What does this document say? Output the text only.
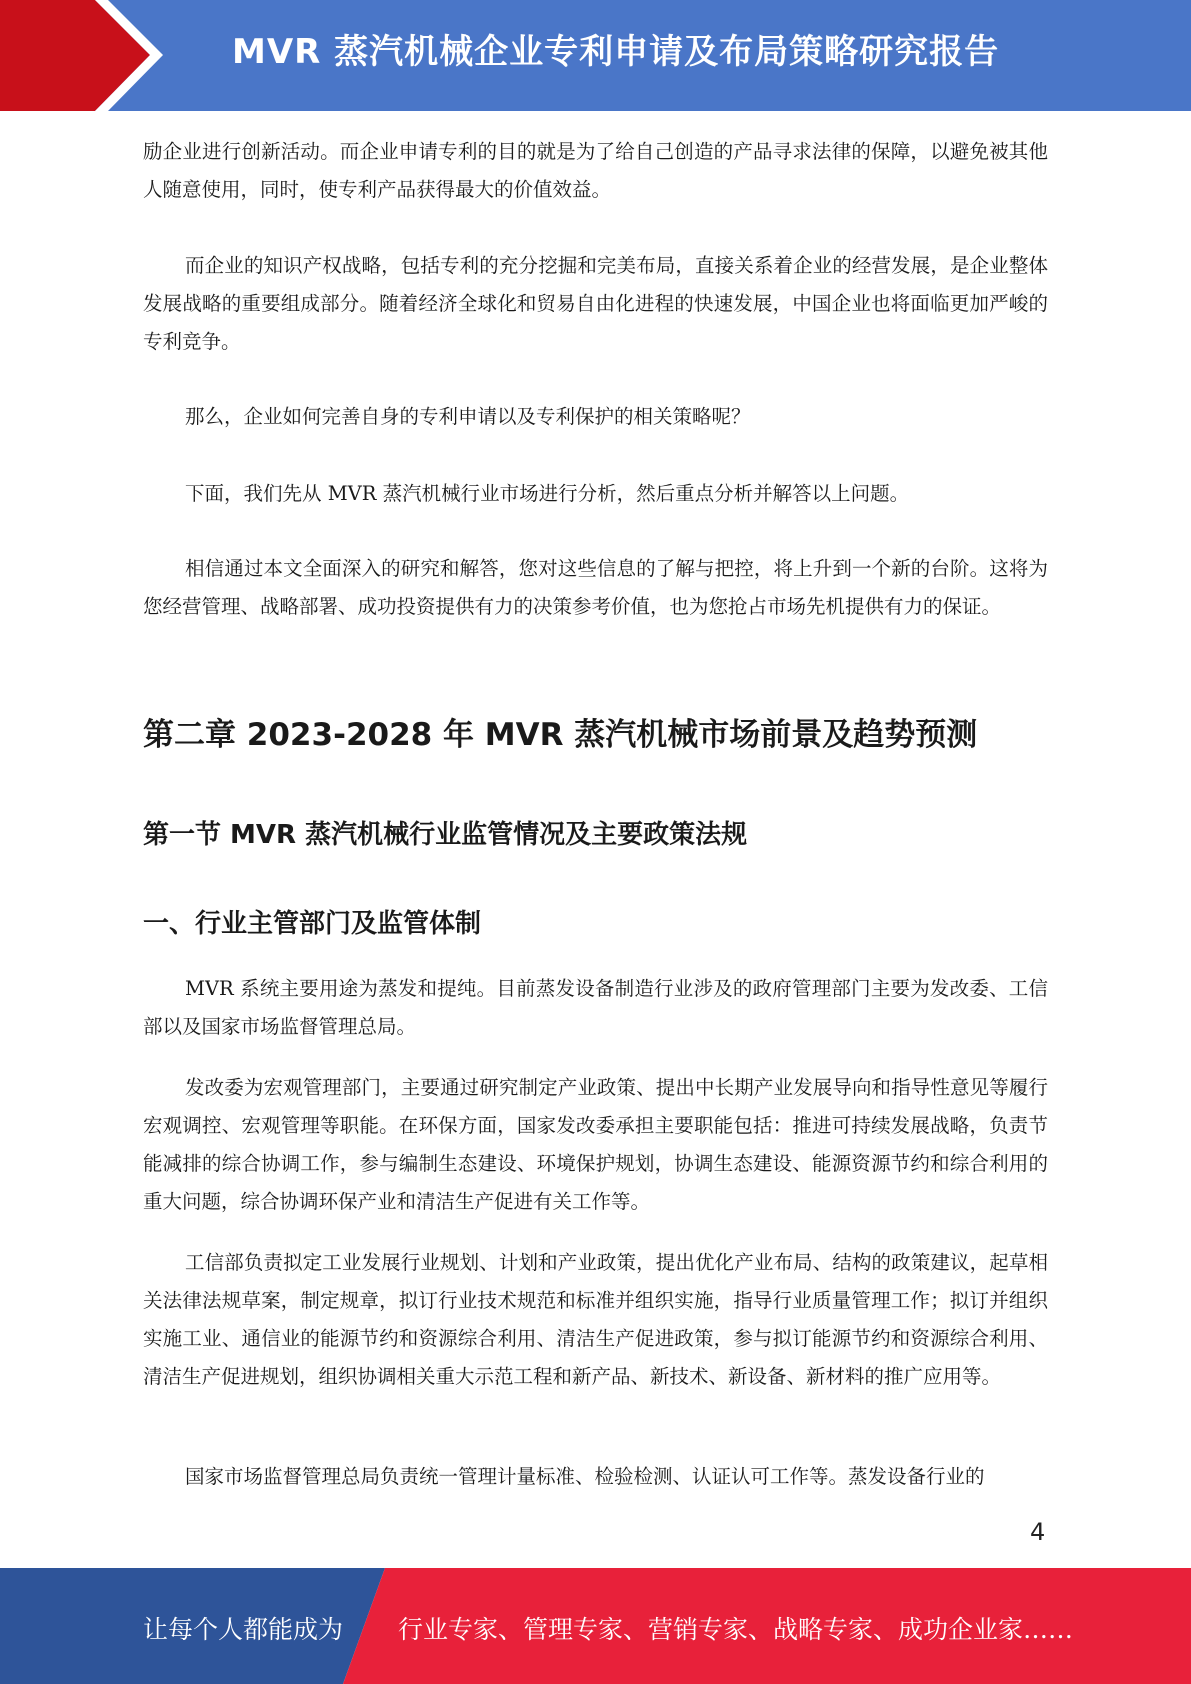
MVR 蒸汽机械企业专利申请及布局策略研究报告

励企业进行创新活动。而企业申请专利的目的就是为了给自己创造的产品寻求法律的保障，以避免被其他人随意使用，同时，使专利产品获得最大的价值效益。

而企业的知识产权战略，包括专利的充分挖掘和完美布局，直接关系着企业的经营发展，是企业整体发展战略的重要组成部分。随着经济全球化和贸易自由化进程的快速发展，中国企业也将面临更加严峻的专利竞争。

那么，企业如何完善自身的专利申请以及专利保护的相关策略呢？

下面，我们先从 MVR 蒸汽机械行业市场进行分析，然后重点分析并解答以上问题。

相信通过本文全面深入的研究和解答，您对这些信息的了解与把控，将上升到一个新的台阶。这将为您经营管理、战略部署、成功投资提供有力的决策参考价值，也为您抢占市场先机提供有力的保证。

第二章 2023-2028 年 MVR 蒸汽机械市场前景及趋势预测
第一节 MVR 蒸汽机械行业监管情况及主要政策法规
一、行业主管部门及监管体制

MVR 系统主要用途为蒸发和提纯。目前蒸发设备制造行业涉及的政府管理部门主要为发改委、工信部以及国家市场监督管理总局。

发改委为宏观管理部门，主要通过研究制定产业政策、提出中长期产业发展导向和指导性意见等履行宏观调控、宏观管理等职能。在环保方面，国家发改委承担主要职能包括：推进可持续发展战略，负责节能减排的综合协调工作，参与编制生态建设、环境保护规划，协调生态建设、能源资源节约和综合利用的重大问题，综合协调环保产业和清洁生产促进有关工作等。

工信部负责拟定工业发展行业规划、计划和产业政策，提出优化产业布局、结构的政策建议，起草相关法律法规草案，制定规章，拟订行业技术规范和标准并组织实施，指导行业质量管理工作；拟订并组织实施工业、通信业的能源节约和资源综合利用、清洁生产促进政策，参与拟订能源节约和资源综合利用、清洁生产促进规划，组织协调相关重大示范工程和新产品、新技术、新设备、新材料的推广应用等。

国家市场监督管理总局负责统一管理计量标准、检验检测、认证认可工作等。蒸发设备行业的

4
让每个人都能成为 行业专家、管理专家、营销专家、战略专家、成功企业家……
